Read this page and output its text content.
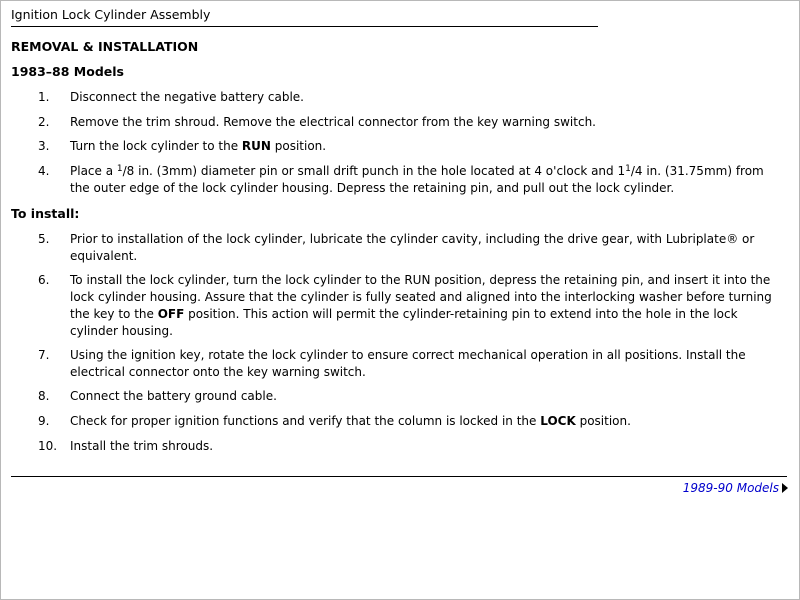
Ignition Lock Cylinder Assembly
REMOVAL & INSTALLATION
1983–88 Models
1.	Disconnect the negative battery cable.
2.	Remove the trim shroud. Remove the electrical connector from the key warning switch.
3.	Turn the lock cylinder to the RUN position.
4.	Place a $^1$/8 in. (3mm) diameter pin or small drift punch in the hole located at 4 o'clock and $1^1/4$ in. (31.75mm) from the outer edge of the lock cylinder housing. Depress the retaining pin, and pull out the lock cylinder.
To install:
5.	Prior to installation of the lock cylinder, lubricate the cylinder cavity, including the drive gear, with Lubriplate® or equivalent.
6.	To install the lock cylinder, turn the lock cylinder to the RUN position, depress the retaining pin, and insert it into the lock cylinder housing. Assure that the cylinder is fully seated and aligned into the interlocking washer before turning the key to the OFF position. This action will permit the cylinder-retaining pin to extend into the hole in the lock cylinder housing.
7.	Using the ignition key, rotate the lock cylinder to ensure correct mechanical operation in all positions. Install the electrical connector onto the key warning switch.
8.	Connect the battery ground cable.
9.	Check for proper ignition functions and verify that the column is locked in the LOCK position.
10. Install the trim shrouds.
1989-90 Models
